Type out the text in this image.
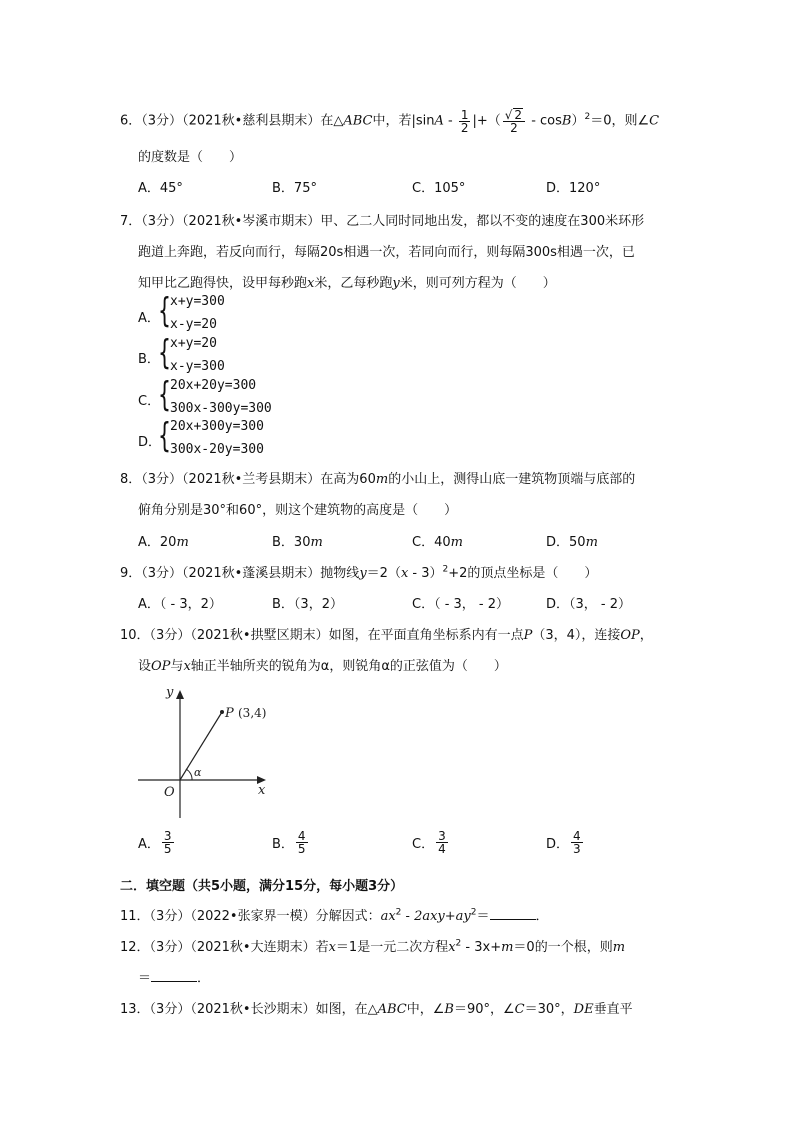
6．（3分）（2021秋•慈利县期末）在△ABC中，若$|\sin A - \frac{1}{2}$ |+（ $\frac{√ 2}{2} - \cos B)^2=0$，则∠C
的度数是（　　）
A．45°	B．75°	C．105°	D．120°
7．（3分）（2021秋•岑溪市期末）甲、乙二人同时同地出发，都以不变的速度在300米环形
跑道上奔跑，若反向而行，每隔20s相遇一次，若同向而行，则每隔300s相遇一次，已
知甲比乙跑得快，设甲每秒跑x米，乙每秒跑y米，则可列方程为（　　）
A．
{ x+y=300
x-y=20
B．
{ x+y=20
x-y=300
C．
{ 20x+20y=300
300x-300y=300
D．
{ 20x+300y=300
300x-20y=300
8．（3分）（2021秋•兰考县期末）在高为60m的小山上，测得山底一建筑物顶端与底部的
俯角分别是30°和60°，则这个建筑物的高度是（　　）
A．20m	B．30m	C．40m	D．50m
9．（3分）（2021秋•蓬溪县期末）抛物线y＝2（x - 3）$^2$+2的顶点坐标是（　　）
A．（ - 3，2）	B．（3，2）	C．（ - 3， - 2）	D．（3， - 2）
10．（3分）（2021秋•拱墅区期末）如图，在平面直角坐标系内有一点P（3，4），连接OP，
设OP与x轴正半轴所夹的锐角为α，则锐角α的正弦值为（　　）
y
x
O
P (3,4)
α
A． $\frac{3}{5}$	B． $\frac{4}{5}$	C． $\frac{3}{4}$	D． $\frac{4}{3}$
二．填空题（共5小题，满分15分，每小题3分）
11．（3分）（2022•张家界一模）分解因式：$ax^2 - 2axy+ay^2=$	．
12．（3分）（2021秋•大连期末）若x＝1是一元二次方程$x^2 - 3x+m=0$的一个根，则m
＝	．
13．（3分）（2021秋•长沙期末）如图，在△ABC中，∠B＝90°，∠C＝30°，DE垂直平
